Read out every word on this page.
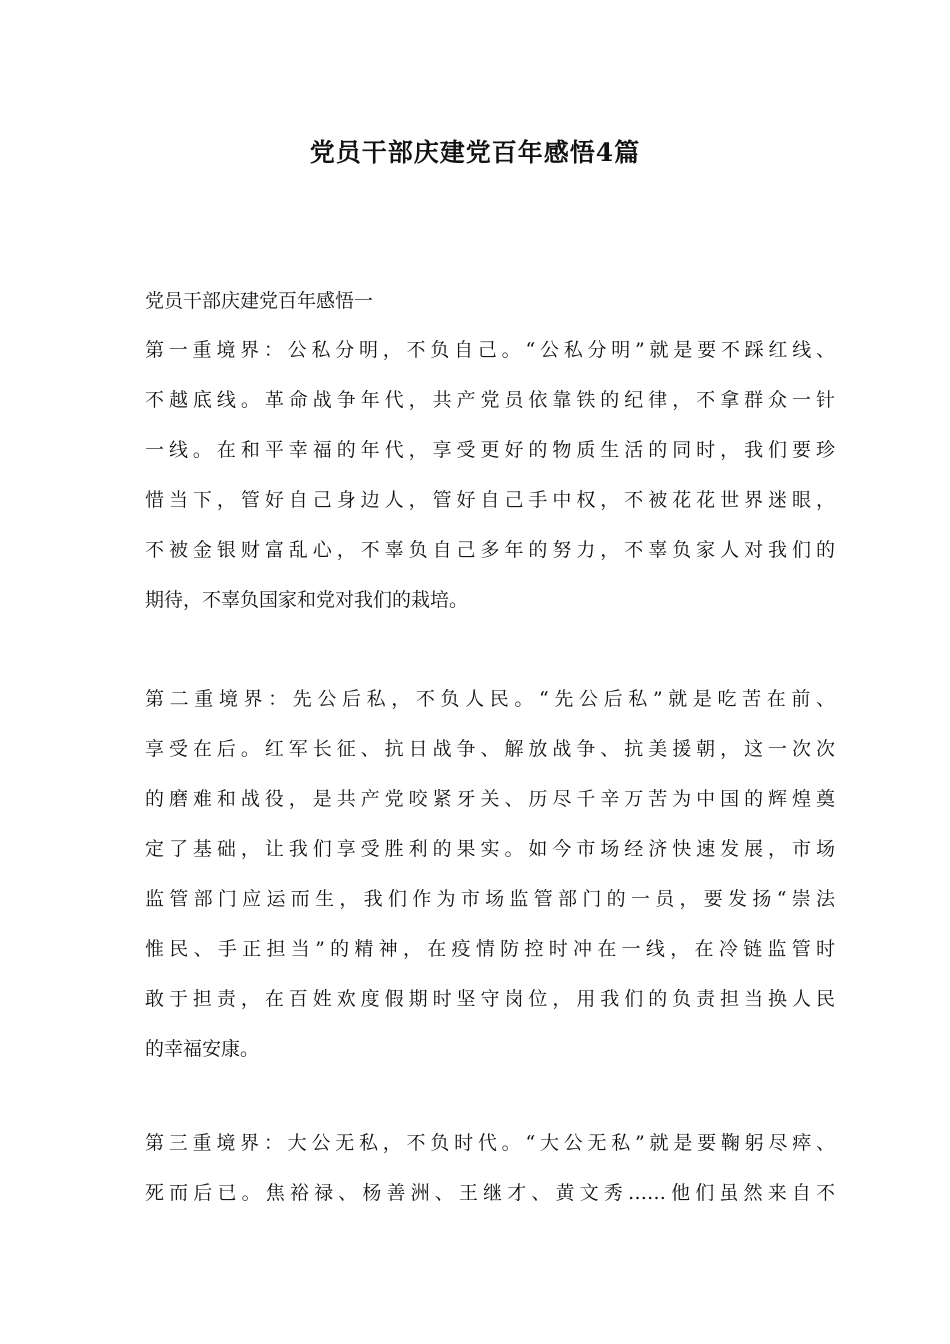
党员干部庆建党百年感悟4篇
党员干部庆建党百年感悟一
第一重境界：公私分明，不负自己。“公私分明”就是要不踩红线、
不越底线。革命战争年代，共产党员依靠铁的纪律，不拿群众一针
一线。在和平幸福的年代，享受更好的物质生活的同时，我们要珍
惜当下，管好自己身边人，管好自己手中权，不被花花世界迷眼，
不被金银财富乱心，不辜负自己多年的努力，不辜负家人对我们的
期待，不辜负国家和党对我们的栽培。
第二重境界：先公后私，不负人民。“先公后私”就是吃苦在前、
享受在后。红军长征、抗日战争、解放战争、抗美援朝，这一次次
的磨难和战役，是共产党咬紧牙关、历尽千辛万苦为中国的辉煌奠
定了基础，让我们享受胜利的果实。如今市场经济快速发展，市场
监管部门应运而生，我们作为市场监管部门的一员，要发扬“崇法
惟民、手正担当”的精神，在疫情防控时冲在一线，在冷链监管时
敢于担责，在百姓欢度假期时坚守岗位，用我们的负责担当换人民
的幸福安康。
第三重境界：大公无私，不负时代。“大公无私”就是要鞠躬尽瘁、
死而后已。焦裕禄、杨善洲、王继才、黄文秀……他们虽然来自不
